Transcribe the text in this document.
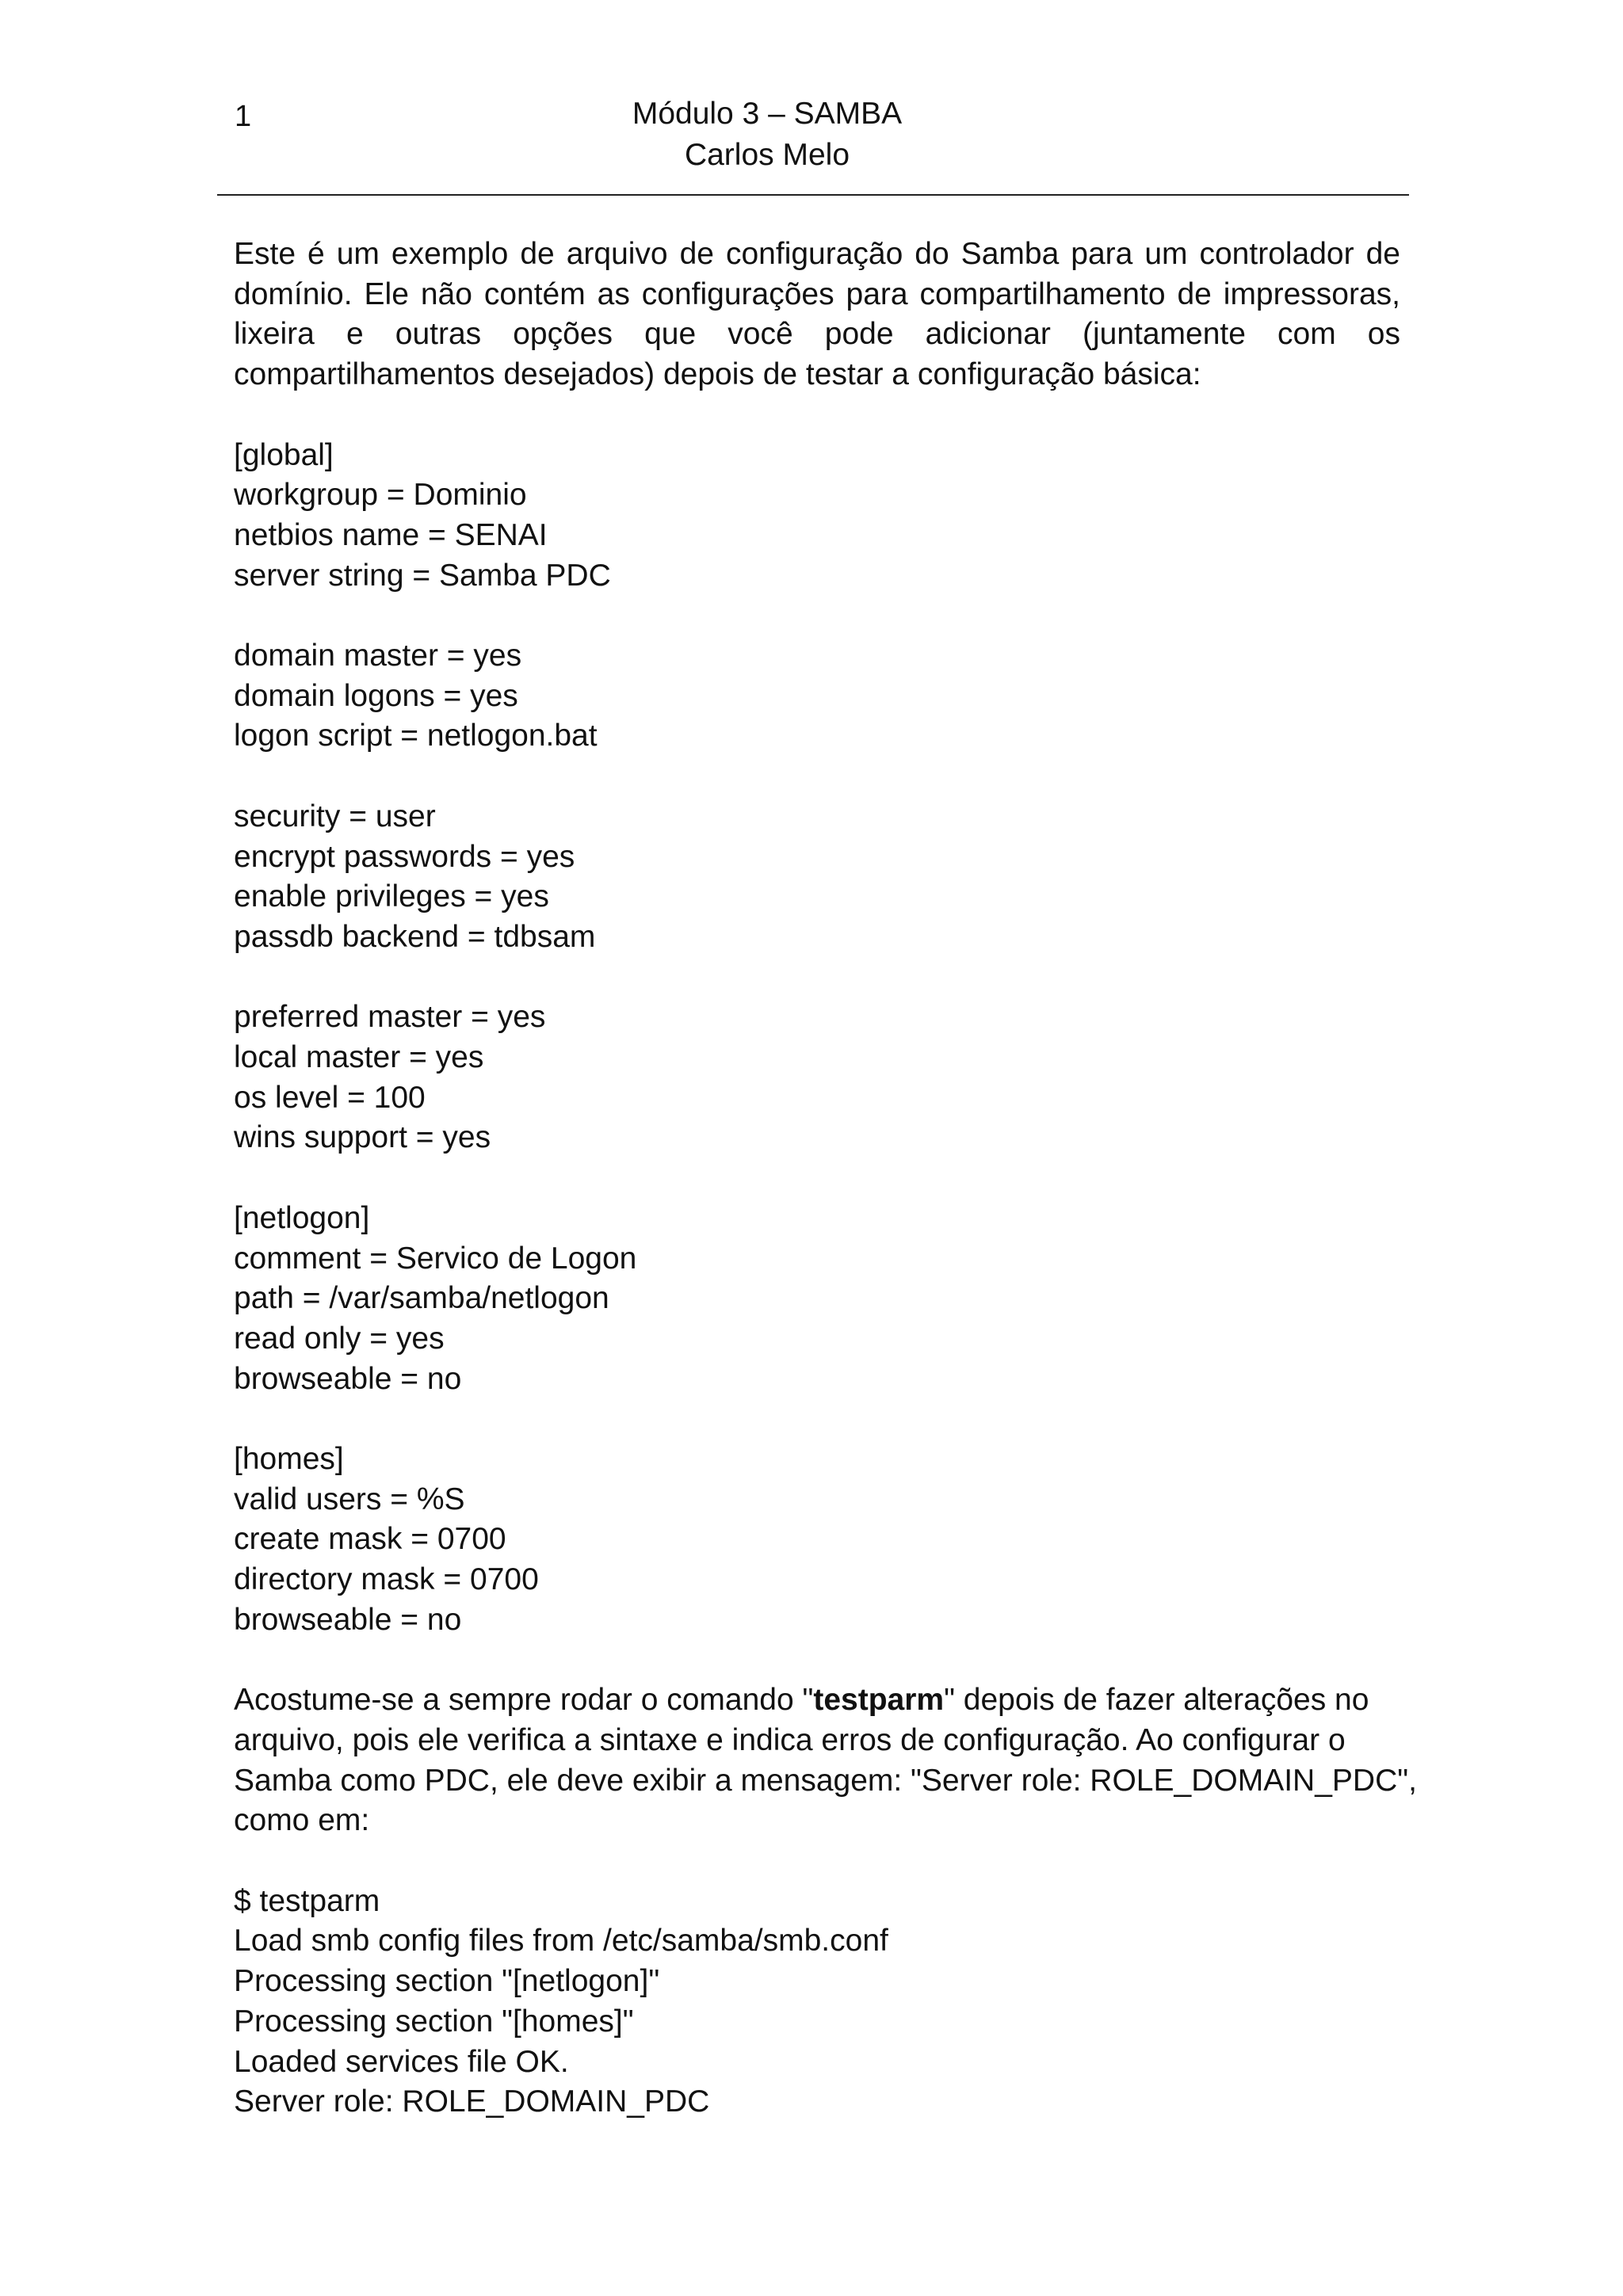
1	Módulo 3 – SAMBA
Carlos Melo

Este é um exemplo de arquivo de configuração do Samba para um controlador de domínio. Ele não contém as configurações para compartilhamento de impressoras, lixeira e outras opções que você pode adicionar (juntamente com os compartilhamentos desejados) depois de testar a configuração básica:

[global]
workgroup = Dominio
netbios name = SENAI
server string = Samba PDC
domain master = yes
domain logons = yes
logon script = netlogon.bat
security = user
encrypt passwords = yes
enable privileges = yes
passdb backend = tdbsam
preferred master = yes
local master = yes
os level = 100
wins support = yes
[netlogon]
comment = Servico de Logon
path = /var/samba/netlogon
read only = yes
browseable = no
[homes]
valid users = %S
create mask = 0700
directory mask = 0700
browseable = no
Acostume-se a sempre rodar o comando "testparm" depois de fazer alterações no
arquivo, pois ele verifica a sintaxe e indica erros de configuração. Ao configurar o
Samba como PDC, ele deve exibir a mensagem: "Server role: ROLE_DOMAIN_PDC",
como em:
$ testparm
Load smb config files from /etc/samba/smb.conf
Processing section "[netlogon]"
Processing section "[homes]"
Loaded services file OK.
Server role: ROLE_DOMAIN_PDC
